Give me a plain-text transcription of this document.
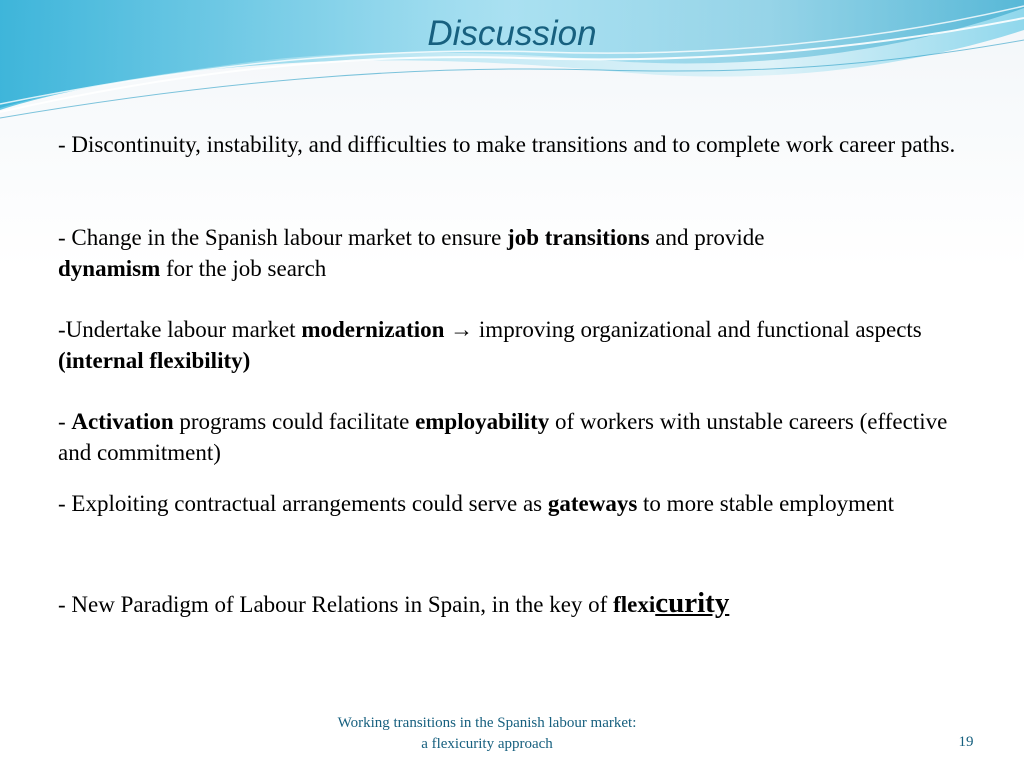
Discussion

- Discontinuity, instability, and difficulties to make transitions and to complete work career paths.

- Change in the Spanish labour market to ensure job transitions and provide
dynamism for the job search

-Undertake labour market modernization → improving organizational and functional aspects (internal flexibility)

- Activation programs could facilitate employability of workers with unstable careers (effective and commitment)

- Exploiting contractual arrangements could serve as gateways to more stable employment

- New Paradigm of Labour Relations in Spain, in the key of flexicurity

Working transitions in the Spanish labour market:
a flexicurity approach	19
